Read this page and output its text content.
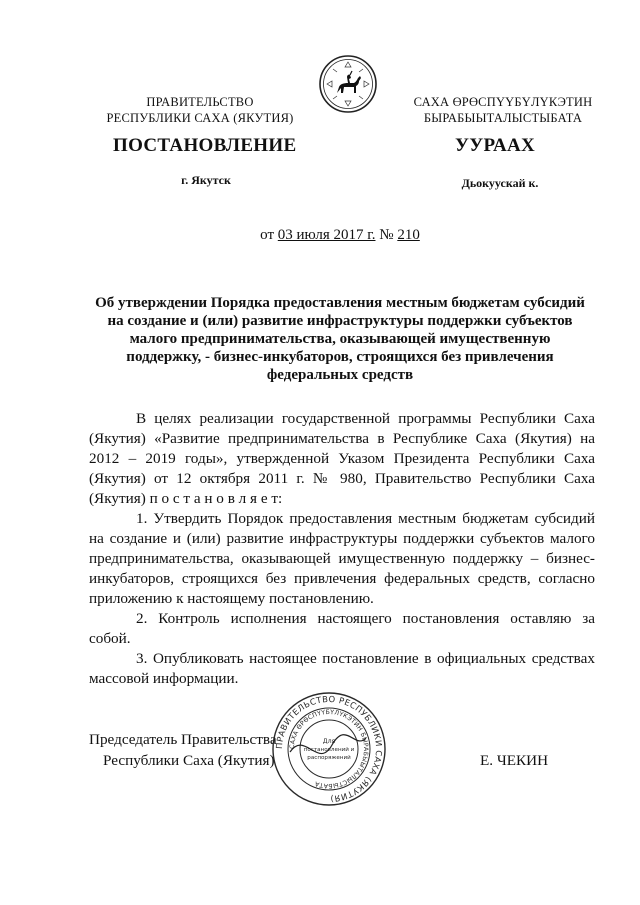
ПРАВИТЕЛЬСТВО
РЕСПУБЛИКИ САХА (ЯКУТИЯ)
САХА ӨРӨСПҮҮБҮЛҮКЭТИН
БЫРАБЫЫТАЛЫСТЫБАТА
ПОСТАНОВЛЕНИЕ	УУРААХ
г. Якутск	Дьокуускай к.
от 03 июля 2017 г. № 210
Об утверждении Порядка предоставления местным бюджетам субсидий
на создание и (или) развитие инфраструктуры поддержки субъектов
малого предпринимательства, оказывающей имущественную
поддержку, - бизнес-инкубаторов, строящихся без привлечения
федеральных средств

В целях реализации государственной программы Республики Саха (Якутия) «Развитие предпринимательства в Республике Саха (Якутия) на 2012 – 2019 годы», утвержденной Указом Президента Республики Саха (Якутия) от 12 октября 2011 г. № 980, Правительство Республики Саха (Якутия) п о с т а н о в л я е т:

1. Утвердить Порядок предоставления местным бюджетам субсидий на создание и (или) развитие инфраструктуры поддержки субъектов малого предпринимательства, оказывающей имущественную поддержку – бизнес-инкубаторов, строящихся без привлечения федеральных средств, согласно приложению к настоящему постановлению.

2. Контроль исполнения настоящего постановления оставляю за собой.

3. Опубликовать настоящее постановление в официальных средствах массовой информации.

Председатель Правительства
Республики Саха (Якутия)	Е. ЧЕКИН
ПРАВИТЕЛЬСТВО РЕСПУБЛИКИ САХА (ЯКУТИЯ)
САХА ӨРӨСПҮҮБҮЛҮКЭТИН БЫРАБЫЫТАЛЫСТЫБАТА
Для
постановлений и
распоряжений
